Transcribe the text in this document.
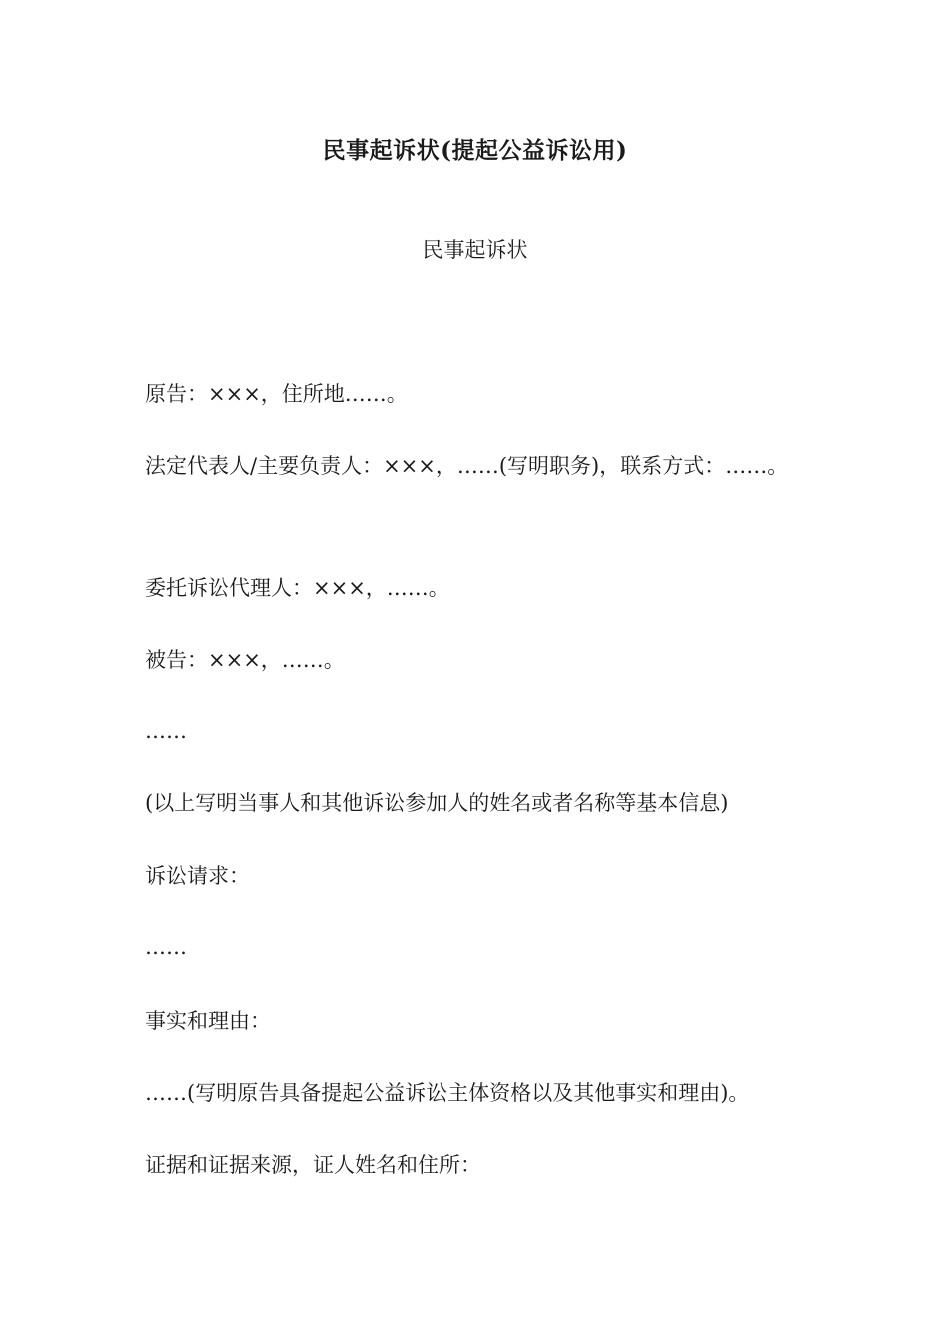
民事起诉状(提起公益诉讼用)
民事起诉状
原告：×××，住所地……。
法定代表人/主要负责人：×××，……(写明职务)，联系方式：……。
委托诉讼代理人：×××，……。
被告：×××，……。
……
(以上写明当事人和其他诉讼参加人的姓名或者名称等基本信息)
诉讼请求：
……
事实和理由：
……(写明原告具备提起公益诉讼主体资格以及其他事实和理由)。
证据和证据来源，证人姓名和住所：
